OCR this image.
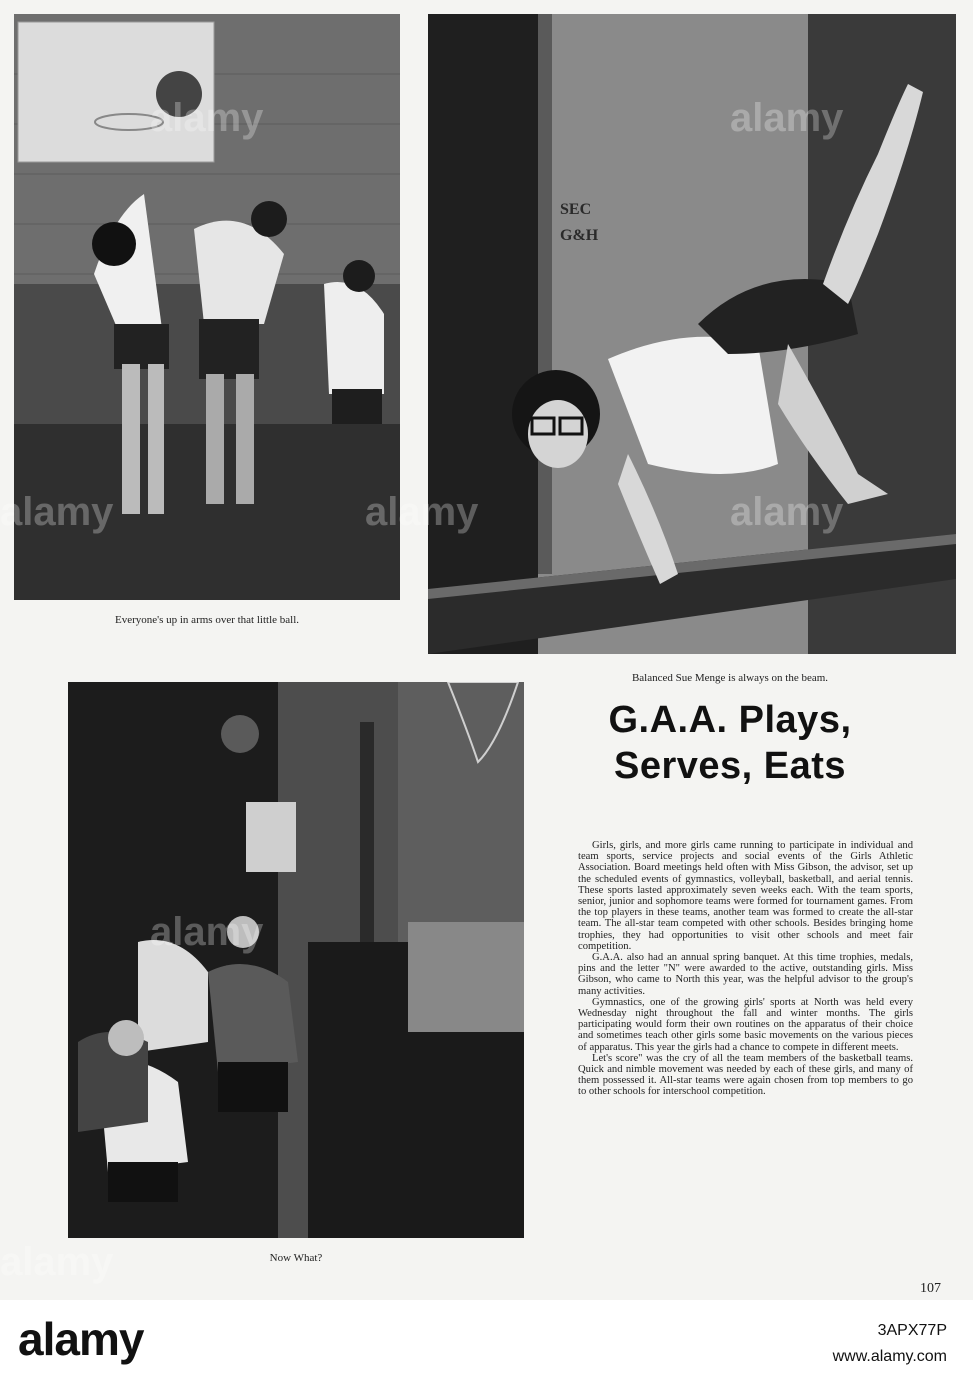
Everyone's up in arms over that little ball.
SEC
G&H
Balanced Sue Menge is always on the beam.
Now What?
G.A.A. Plays,
Serves, Eats

Girls, girls, and more girls came running to participate in individual and team sports, service projects and social events of the Girls Athletic Association. Board meetings held often with Miss Gibson, the advisor, set up the scheduled events of gymnastics, volleyball, basketball, and aerial tennis. These sports lasted approximately seven weeks each. With the team sports, senior, junior and sophomore teams were formed for tournament games. From the top players in these teams, another team was formed to create the all-star team. The all-star team competed with other schools. Besides bringing home trophies, they had opportunities to visit other schools and meet fair competition.

G.A.A. also had an annual spring banquet. At this time trophies, medals, pins and the letter "N" were awarded to the active, outstanding girls. Miss Gibson, who came to North this year, was the helpful advisor to the group's many activities.

Gymnastics, one of the growing girls' sports at North was held every Wednesday night throughout the fall and winter months. The girls participating would form their own routines on the apparatus of their choice and sometimes teach other girls some basic movements on the various pieces of apparatus. This year the girls had a chance to compete in different meets.

Let's score" was the cry of all the team members of the basketball teams. Quick and nimble movement was needed by each of these girls, and many of them possessed it. All-star teams were again chosen from top members to go to other schools for interschool competition.

107
alamy	alamy
alamy	alamy	alamy
alamy
alamy
alamy	3APX77P
www.alamy.com
